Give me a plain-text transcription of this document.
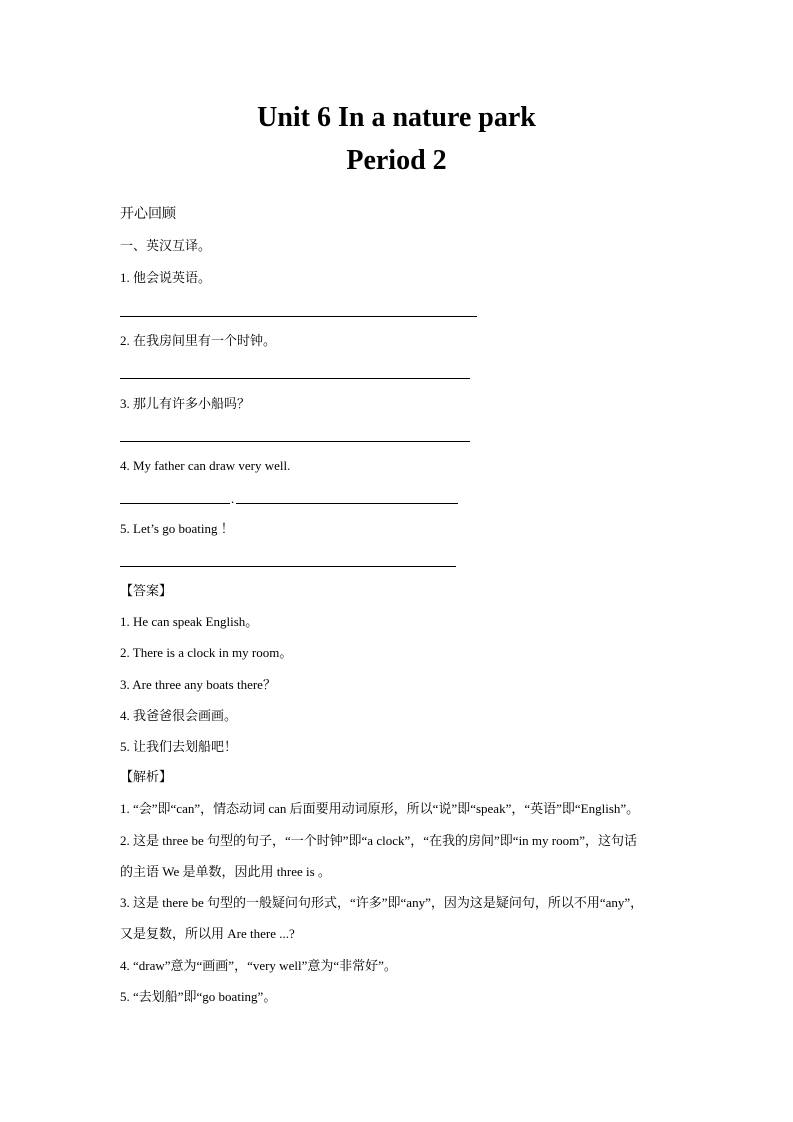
Unit 6 In a nature park
Period 2
开心回顾
一、英汉互译。
1. 他会说英语。
2. 在我房间里有一个时钟。
3. 那儿有许多小船吗？
4. My father can draw very well.
.
5. Let’s go boating ！
【答案】
1. He can speak English。
2. There is a clock in my room。
3. Are three any boats there？
4. 我爸爸很会画画。
5. 让我们去划船吧！
【解析】
1. “会”即“can”，情态动词 can 后面要用动词原形，所以“说”即“speak”，“英语”即“English”。
2. 这是 three be 句型的句子，“一个时钟”即“a clock”，“在我的房间”即“in my room”，这句话
的主语 We 是单数，因此用 three is 。
3. 这是 there be 句型的一般疑问句形式，“许多”即“any”，因为这是疑问句，所以不用“any”，
又是复数，所以用 Are there ...?
4. “draw”意为“画画”，“very well”意为“非常好”。
5. “去划船”即“go boating”。
